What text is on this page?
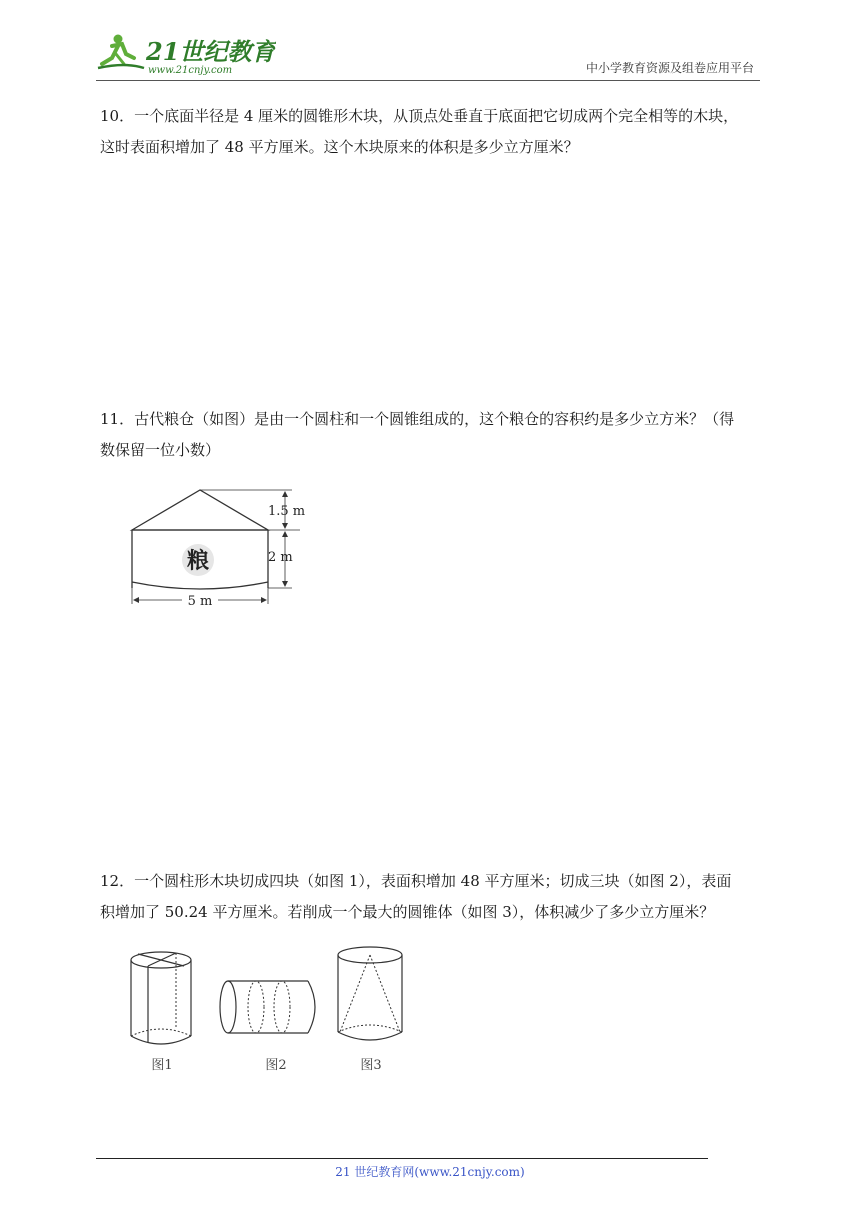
21世纪教育
www.21cnjy.com	中小学教育资源及组卷应用平台
10．一个底面半径是 4 厘米的圆锥形木块，从顶点处垂直于底面把它切成两个完全相等的木块，
这时表面积增加了 48 平方厘米。这个木块原来的体积是多少立方厘米？
11．古代粮仓（如图）是由一个圆柱和一个圆锥组成的，这个粮仓的容积约是多少立方米？（得
数保留一位小数）
粮
1.5 m
2 m
5 m
12．一个圆柱形木块切成四块（如图 1），表面积增加 48 平方厘米；切成三块（如图 2），表面
积增加了 50.24 平方厘米。若削成一个最大的圆锥体（如图 3），体积减少了多少立方厘米？
图1	图2	图3
21 世纪教育网(www.21cnjy.com)
